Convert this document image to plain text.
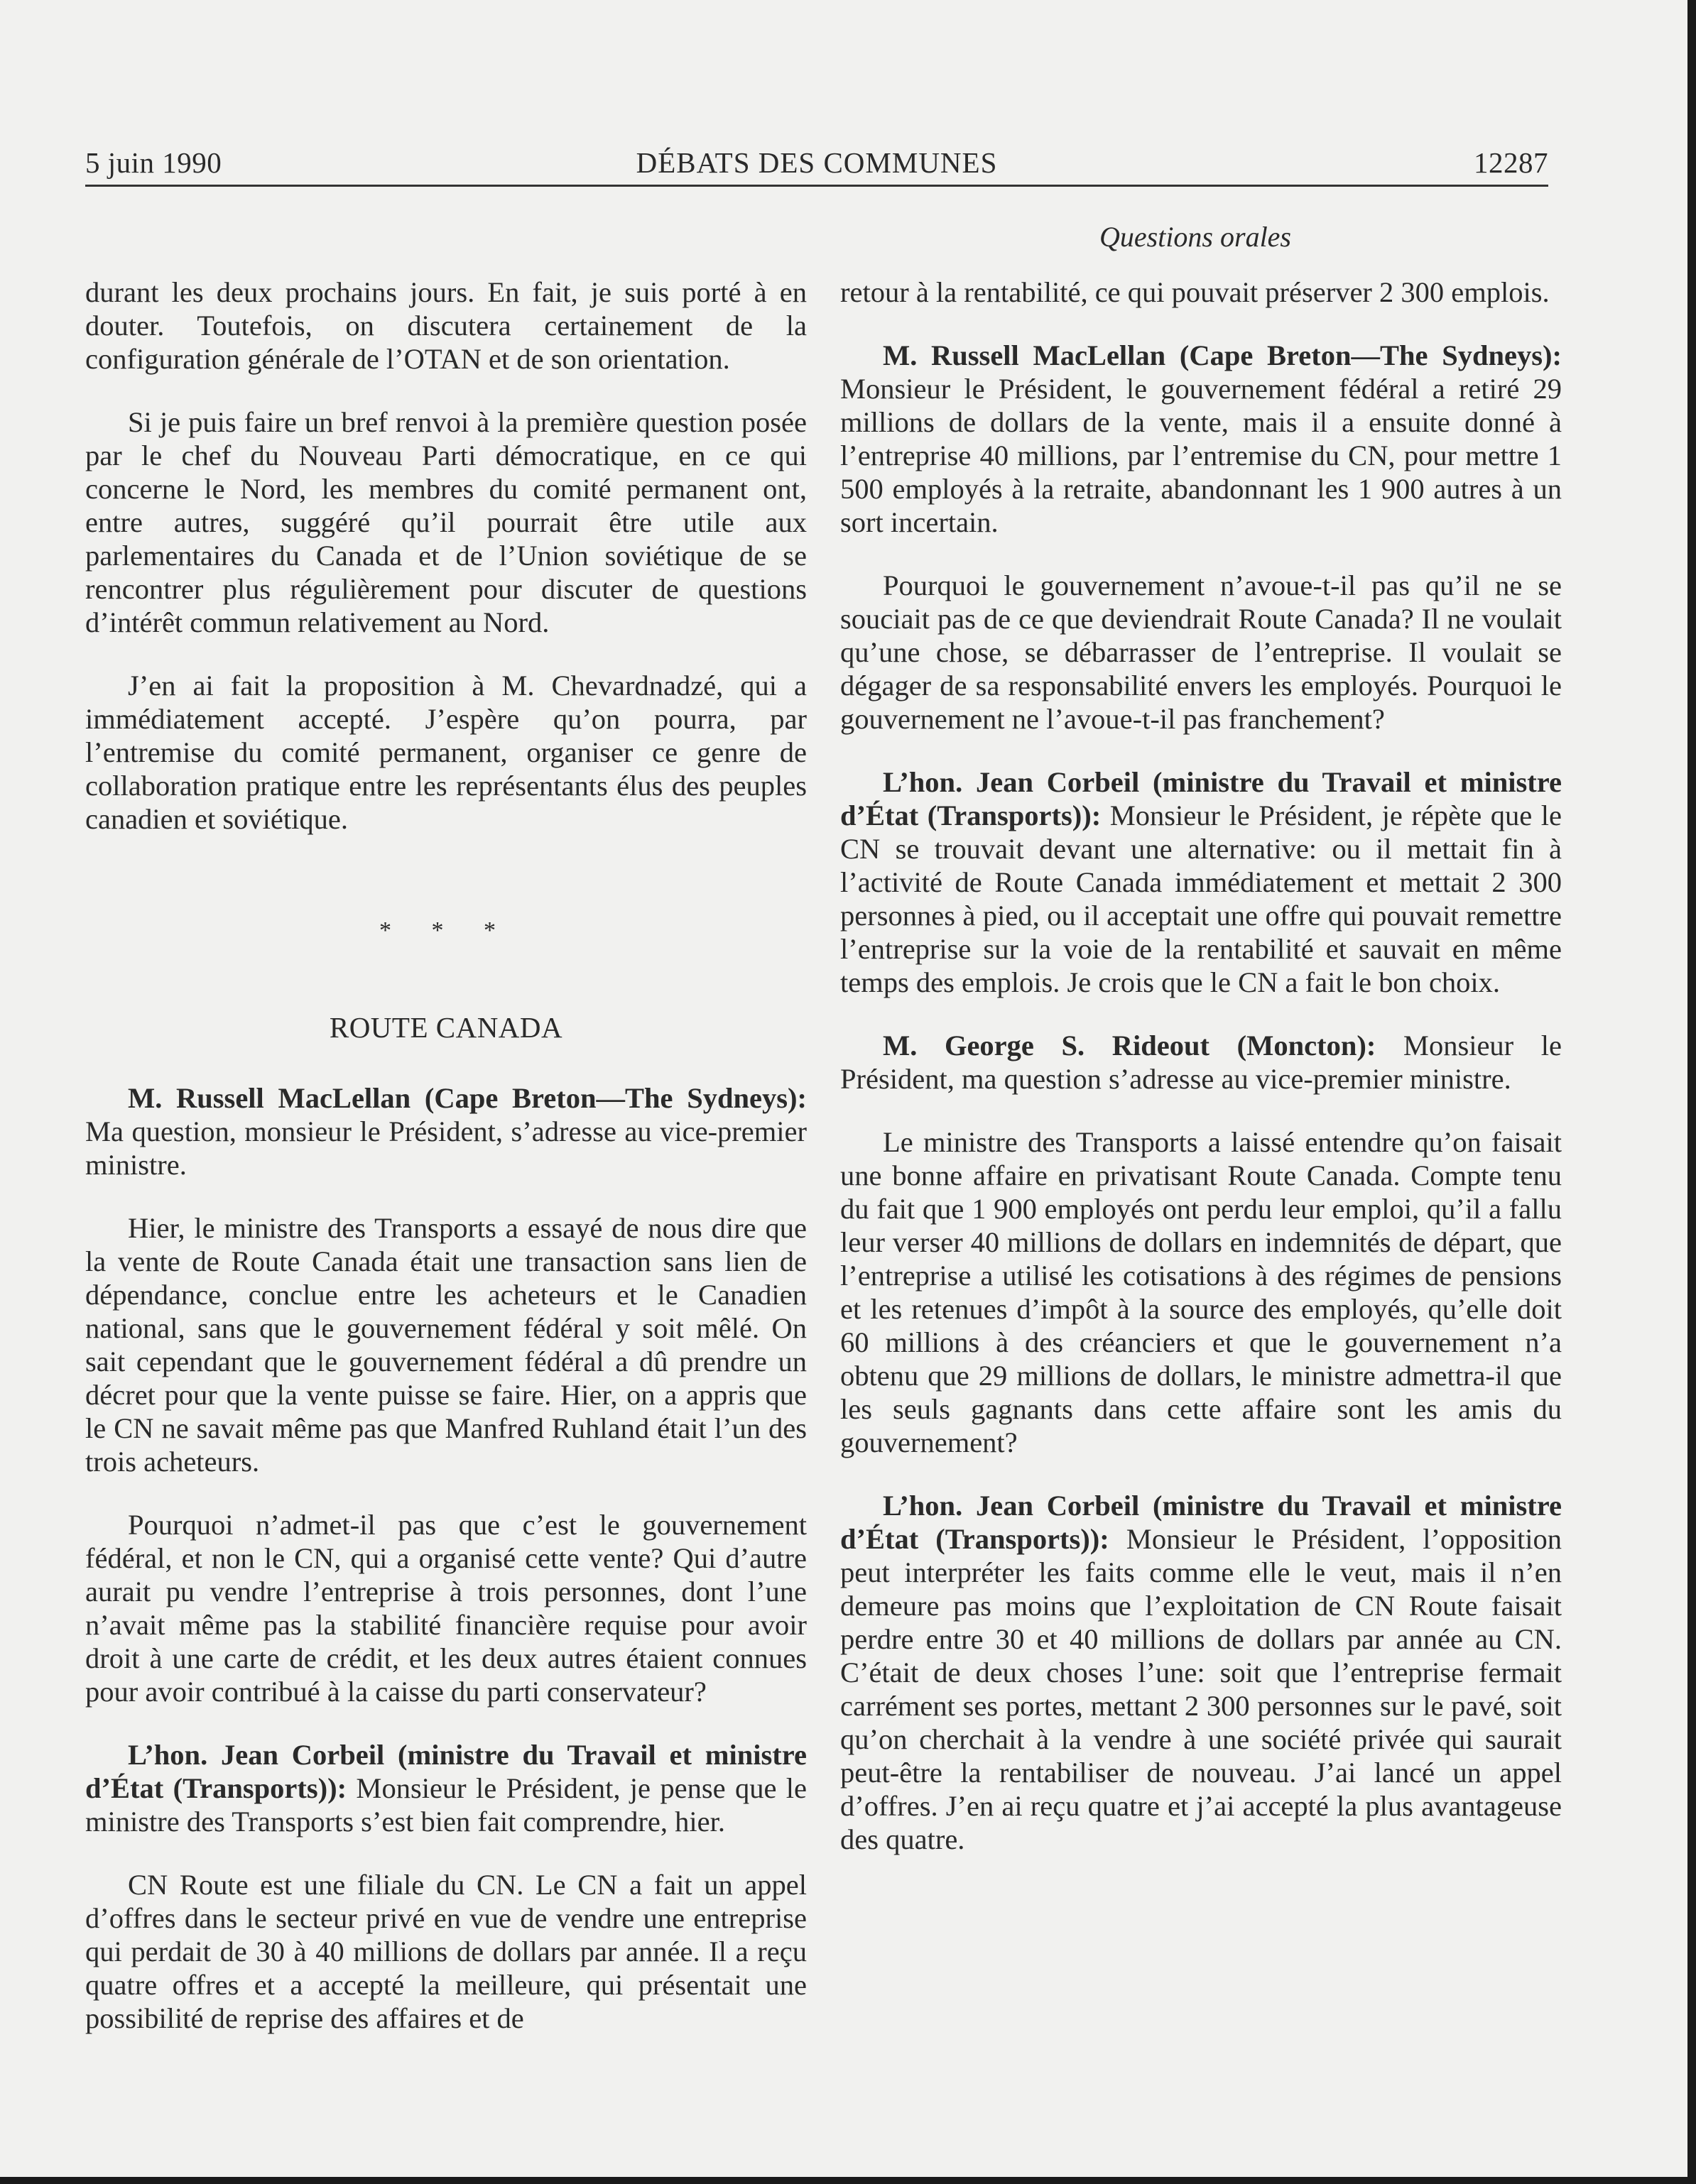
5 juin 1990	DÉBATS DES COMMUNES	12287
Questions orales

durant les deux prochains jours. En fait, je suis porté à en douter. Toutefois, on discutera certainement de la configuration générale de l’OTAN et de son orientation.

Si je puis faire un bref renvoi à la première question posée par le chef du Nouveau Parti démocratique, en ce qui concerne le Nord, les membres du comité permanent ont, entre autres, suggéré qu’il pourrait être utile aux parlementaires du Canada et de l’Union soviétique de se rencontrer plus régulièrement pour discuter de questions d’intérêt commun relativement au Nord.

J’en ai fait la proposition à M. Chevardnadzé, qui a immédiatement accepté. J’espère qu’on pourra, par l’entremise du comité permanent, organiser ce genre de collaboration pratique entre les représentants élus des peuples canadien et soviétique.

* * *
ROUTE CANADA

M. Russell MacLellan (Cape Breton—The Sydneys): Ma question, monsieur le Président, s’adresse au vice-premier ministre.

Hier, le ministre des Transports a essayé de nous dire que la vente de Route Canada était une transaction sans lien de dépendance, conclue entre les acheteurs et le Canadien national, sans que le gouvernement fédéral y soit mêlé. On sait cependant que le gouvernement fédéral a dû prendre un décret pour que la vente puisse se faire. Hier, on a appris que le CN ne savait même pas que Manfred Ruhland était l’un des trois acheteurs.

Pourquoi n’admet-il pas que c’est le gouvernement fédéral, et non le CN, qui a organisé cette vente? Qui d’autre aurait pu vendre l’entreprise à trois personnes, dont l’une n’avait même pas la stabilité financière requise pour avoir droit à une carte de crédit, et les deux autres étaient connues pour avoir contribué à la caisse du parti conservateur?

L’hon. Jean Corbeil (ministre du Travail et ministre d’État (Transports)): Monsieur le Président, je pense que le ministre des Transports s’est bien fait comprendre, hier.

CN Route est une filiale du CN. Le CN a fait un appel d’offres dans le secteur privé en vue de vendre une entreprise qui perdait de 30 à 40 millions de dollars par année. Il a reçu quatre offres et a accepté la meilleure, qui présentait une possibilité de reprise des affaires et de

retour à la rentabilité, ce qui pouvait préserver 2 300 emplois.

M. Russell MacLellan (Cape Breton—The Sydneys): Monsieur le Président, le gouvernement fédéral a retiré 29 millions de dollars de la vente, mais il a ensuite donné à l’entreprise 40 millions, par l’entremise du CN, pour mettre 1 500 employés à la retraite, abandonnant les 1 900 autres à un sort incertain.

Pourquoi le gouvernement n’avoue-t-il pas qu’il ne se souciait pas de ce que deviendrait Route Canada? Il ne voulait qu’une chose, se débarrasser de l’entreprise. Il voulait se dégager de sa responsabilité envers les employés. Pourquoi le gouvernement ne l’avoue-t-il pas franchement?

L’hon. Jean Corbeil (ministre du Travail et ministre d’État (Transports)): Monsieur le Président, je répète que le CN se trouvait devant une alternative: ou il mettait fin à l’activité de Route Canada immédiatement et mettait 2 300 personnes à pied, ou il acceptait une offre qui pouvait remettre l’entreprise sur la voie de la rentabilité et sauvait en même temps des emplois. Je crois que le CN a fait le bon choix.

M. George S. Rideout (Moncton): Monsieur le Président, ma question s’adresse au vice-premier ministre.

Le ministre des Transports a laissé entendre qu’on faisait une bonne affaire en privatisant Route Canada. Compte tenu du fait que 1 900 employés ont perdu leur emploi, qu’il a fallu leur verser 40 millions de dollars en indemnités de départ, que l’entreprise a utilisé les cotisations à des régimes de pensions et les retenues d’impôt à la source des employés, qu’elle doit 60 millions à des créanciers et que le gouvernement n’a obtenu que 29 millions de dollars, le ministre admettra-il que les seuls gagnants dans cette affaire sont les amis du gouvernement?

L’hon. Jean Corbeil (ministre du Travail et ministre d’État (Transports)): Monsieur le Président, l’opposition peut interpréter les faits comme elle le veut, mais il n’en demeure pas moins que l’exploitation de CN Route faisait perdre entre 30 et 40 millions de dollars par année au CN. C’était de deux choses l’une: soit que l’entreprise fermait carrément ses portes, mettant 2 300 personnes sur le pavé, soit qu’on cherchait à la vendre à une société privée qui saurait peut-être la rentabiliser de nouveau. J’ai lancé un appel d’offres. J’en ai reçu quatre et j’ai accepté la plus avantageuse des quatre.
